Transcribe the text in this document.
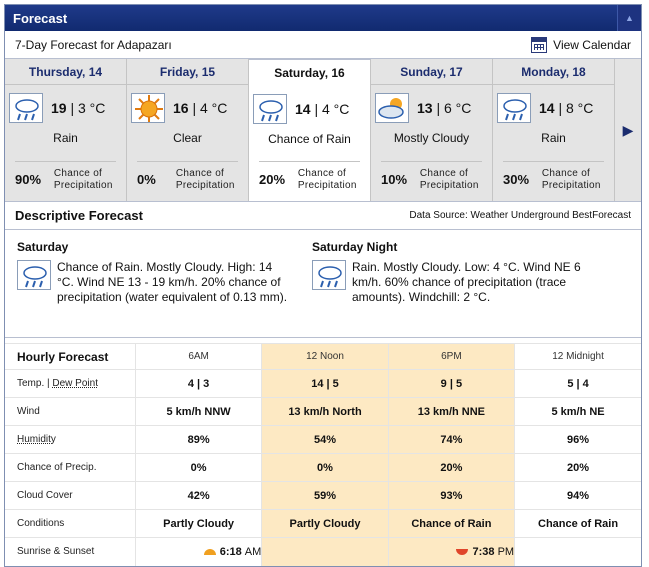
Forecast	▲
7-Day Forecast for Adapazarı	View Calendar
Thursday, 14
19 | 3 °C
Rain
90%	Chance of Precipitation
Friday, 15
16 | 4 °C
Clear
0%	Chance of Precipitation
Saturday, 16
14 | 4 °C
Chance of Rain
20%	Chance of Precipitation
Sunday, 17
13 | 6 °C
Mostly Cloudy
10%	Chance of Precipitation
Monday, 18
14 | 8 °C
Rain
30%	Chance of Precipitation
▶
Descriptive Forecast	Data Source: Weather Underground BestForecast
Saturday
Chance of Rain. Mostly Cloudy. High: 14 °C. Wind NE 13 - 19 km/h. 20% chance of precipitation (water equivalent of 0.13 mm).
Saturday Night
Rain. Mostly Cloudy. Low: 4 °C. Wind NE 6 km/h. 60% chance of precipitation (trace amounts). Windchill: 2 °C.
Hourly Forecast	6AM	12 Noon	6PM	12 Midnight
Temp. | Dew Point	4 | 3	14 | 5	9 | 5	5 | 4
Wind	5 km/h NNW	13 km/h North	13 km/h NNE	5 km/h NE
Humidity	89%	54%	74%	96%
Chance of Precip.	0%	0%	20%	20%
Cloud Cover	42%	59%	93%	94%
Conditions	Partly Cloudy	Partly Cloudy	Chance of Rain	Chance of Rain
Sunrise & Sunset	6:18 AM		7:38 PM	
